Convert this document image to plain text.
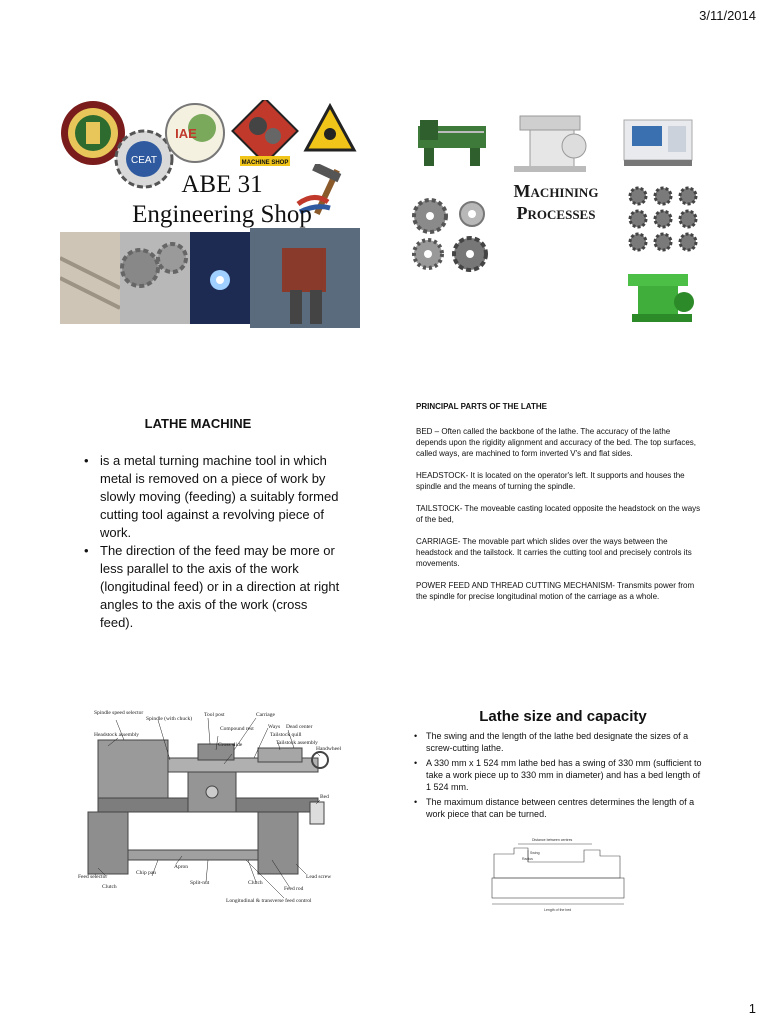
3/11/2014
CEAT
IAE
MACHINE SHOP
ABE 31
Engineering Shop
Machining
Processes
LATHE MACHINE
• is a metal turning machine tool in which metal is removed on a piece of work by slowly moving (feeding) a suitably formed cutting tool against a revolving piece of work.
• The direction of the feed may be more or less parallel to the axis of the work (longitudinal feed) or in a direction at right angles to the axis of the work (cross feed).
PRINCIPAL PARTS OF THE LATHE

BED – Often called the backbone of the lathe. The accuracy of the lathe depends upon the rigidity alignment and accuracy of the bed. The top surfaces, called ways, are machined to form inverted V's and flat sides.

HEADSTOCK- It is located on the operator's left. It supports and houses the spindle and the means of turning the spindle.

TAILSTOCK- The moveable casting located opposite the headstock on the ways of the bed,

CARRIAGE- The movable part which slides over the ways between the headstock and the tailstock. It carries the cutting tool and precisely controls its movements.

POWER FEED AND THREAD CUTTING MECHANISM- Transmits power from the spindle for precise longitudinal motion of the carriage as a whole.

Spindle speed selector
Spindle (with chuck)
Tool post	Carriage
Headstock assembly
Compound rest	Ways Dead center
Cross slide
Tailstock quill
Tailstock assembly
Handwheel
Bed
Feed selector
Chip pan
Apron
Clutch
Split-nut	Clutch
Lead screw
Feed rod
Longitudinal & transverse feed control
Lathe size and capacity
• The swing and the length of the lathe bed designate the sizes of a screw-cutting lathe.
• A 330 mm x 1 524 mm lathe bed has a swing of 330 mm (sufficient to take a work piece up to 330 mm in diameter) and has a bed length of 1 524 mm.
• The maximum distance between centres determines the length of a work piece that can be turned.
Distance between centres
Swing
Radius
Length of the bed
1
